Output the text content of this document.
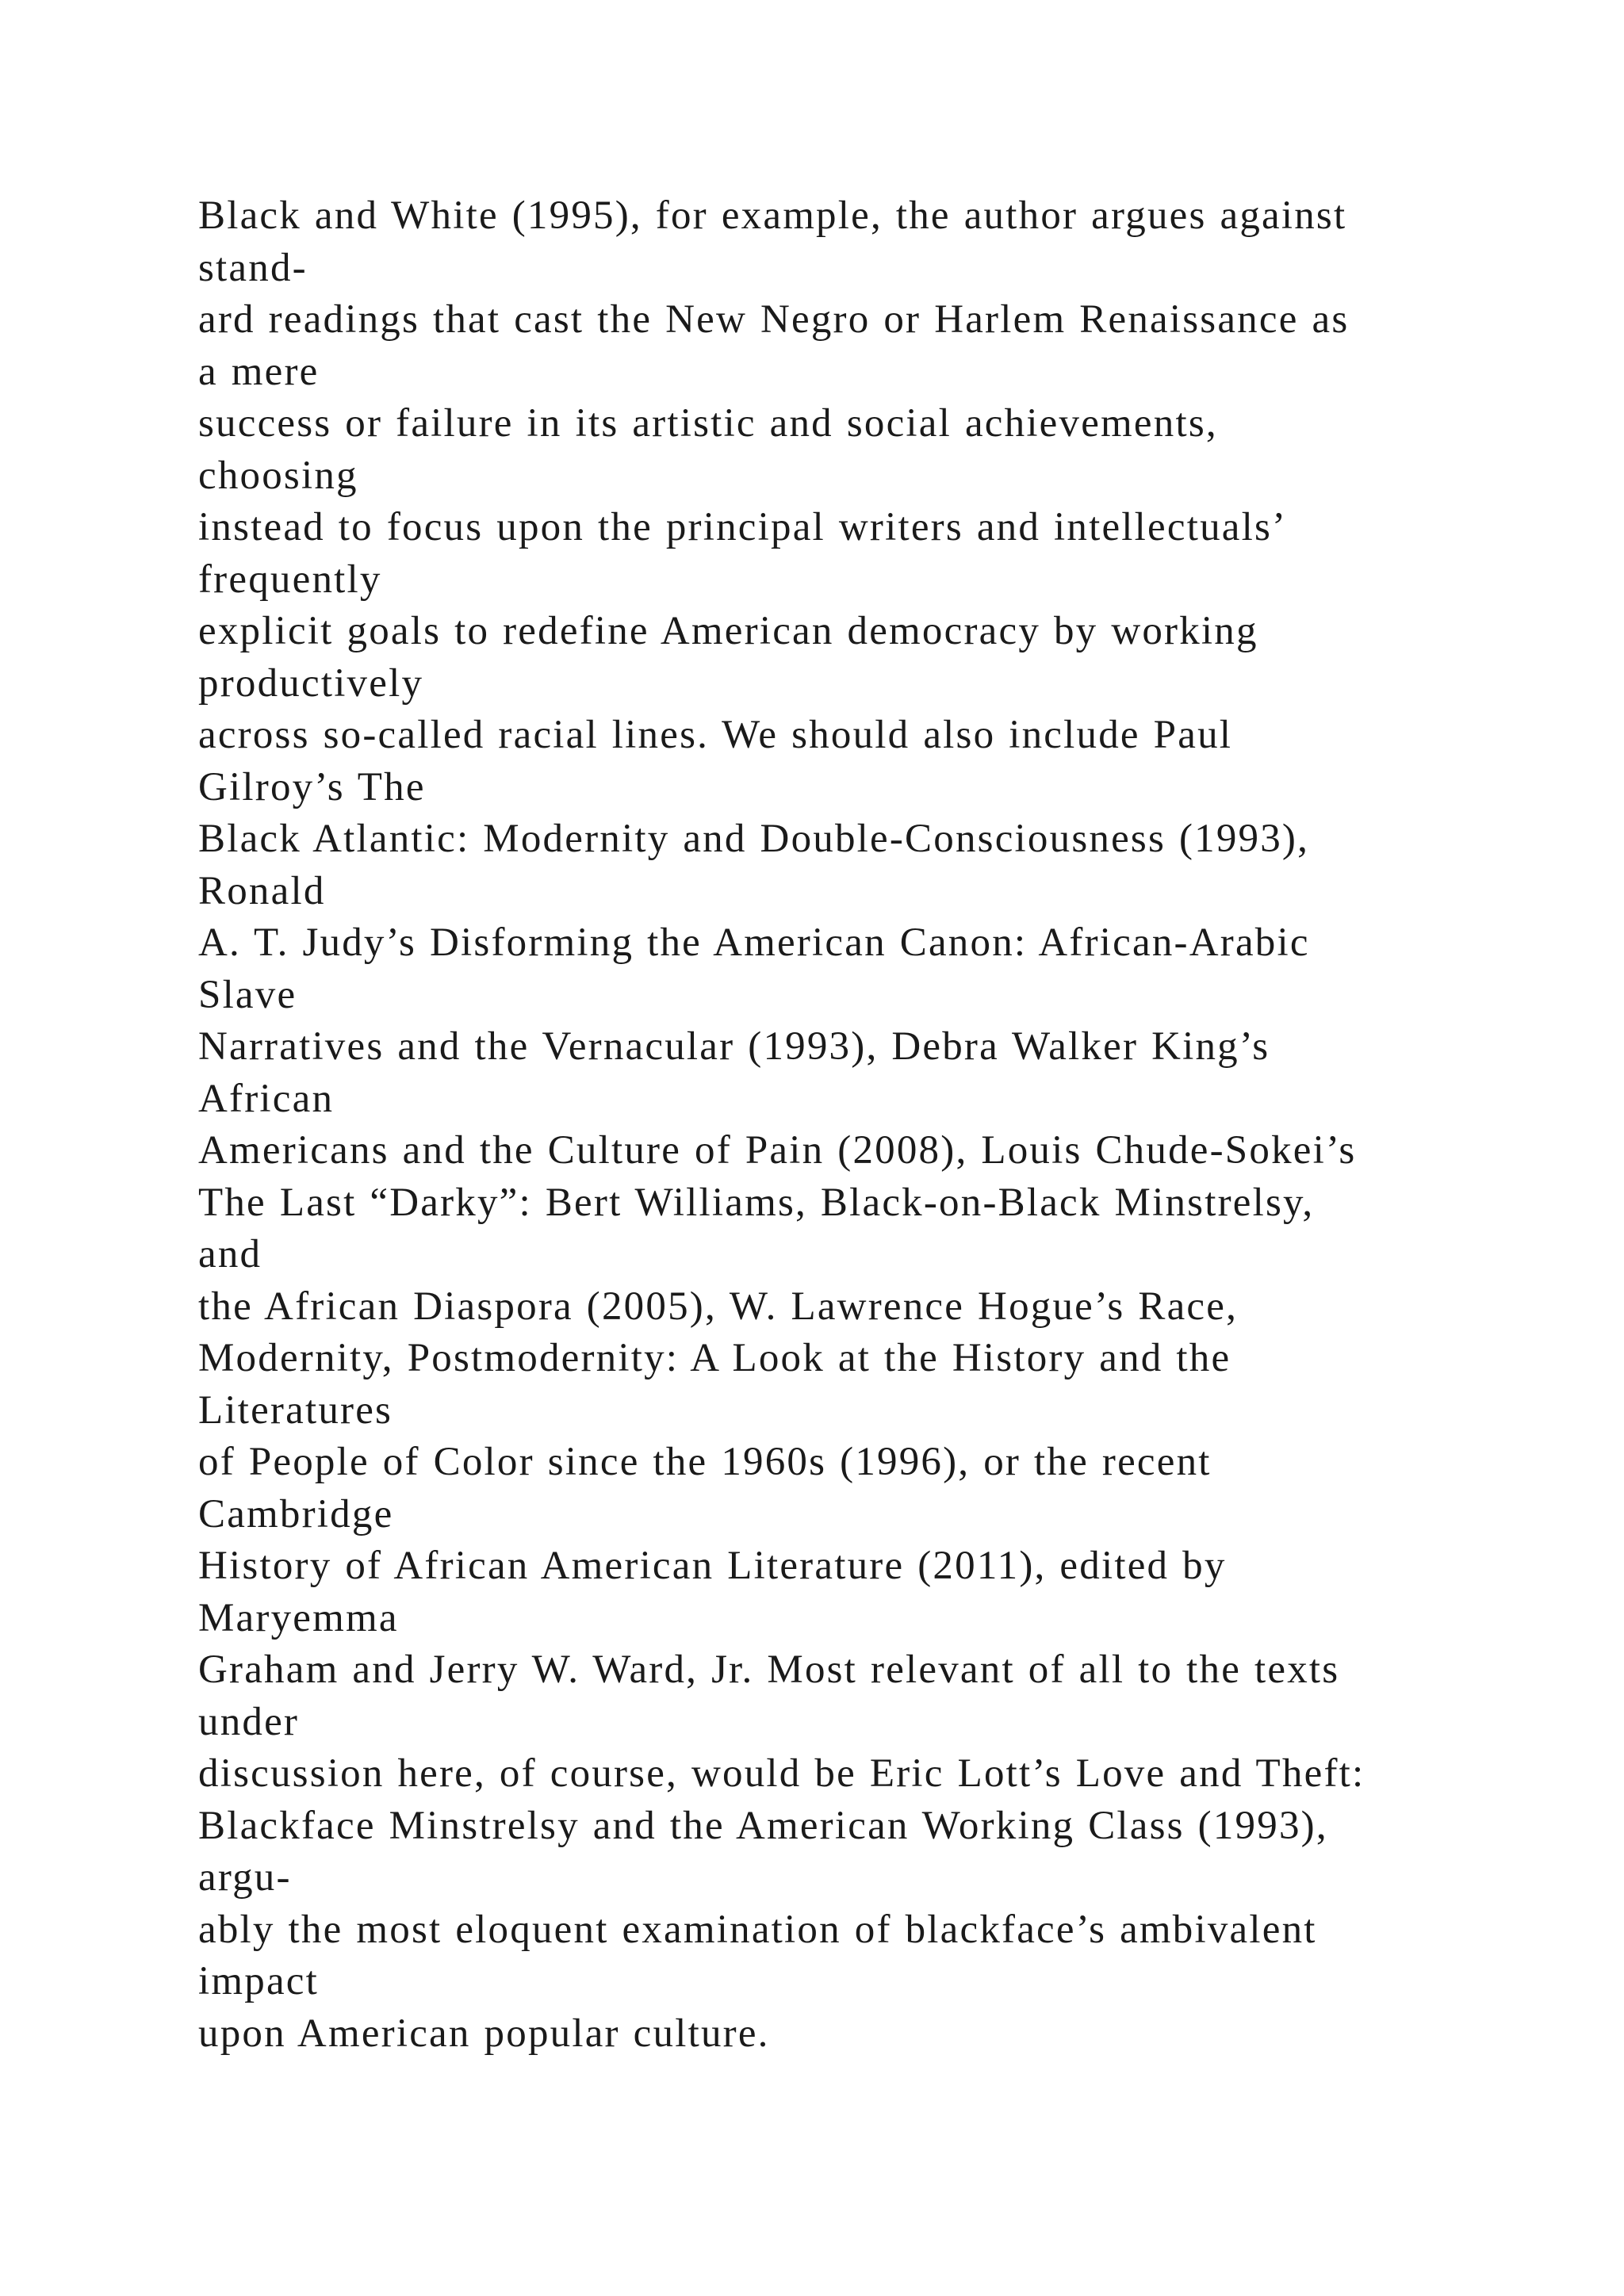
Black and White (1995), for example, the author argues against
stand-
ard readings that cast the New Negro or Harlem Renaissance as
a mere
success or failure in its artistic and social achievements,
choosing
instead to focus upon the principal writers and intellectuals’
frequently
explicit goals to redefine American democracy by working
productively
across so-called racial lines. We should also include Paul
Gilroy’s The
Black Atlantic: Modernity and Double-Consciousness (1993),
Ronald
A. T. Judy’s Disforming the American Canon: African-Arabic
Slave
Narratives and the Vernacular (1993), Debra Walker King’s
African
Americans and the Culture of Pain (2008), Louis Chude-Sokei’s
The Last “Darky”: Bert Williams, Black-on-Black Minstrelsy,
and
the African Diaspora (2005), W. Lawrence Hogue’s Race,
Modernity, Postmodernity: A Look at the History and the
Literatures
of People of Color since the 1960s (1996), or the recent
Cambridge
History of African American Literature (2011), edited by
Maryemma
Graham and Jerry W. Ward, Jr. Most relevant of all to the texts
under
discussion here, of course, would be Eric Lott’s Love and Theft:
Blackface Minstrelsy and the American Working Class (1993),
argu-
ably the most eloquent examination of blackface’s ambivalent
impact
upon American popular culture.
